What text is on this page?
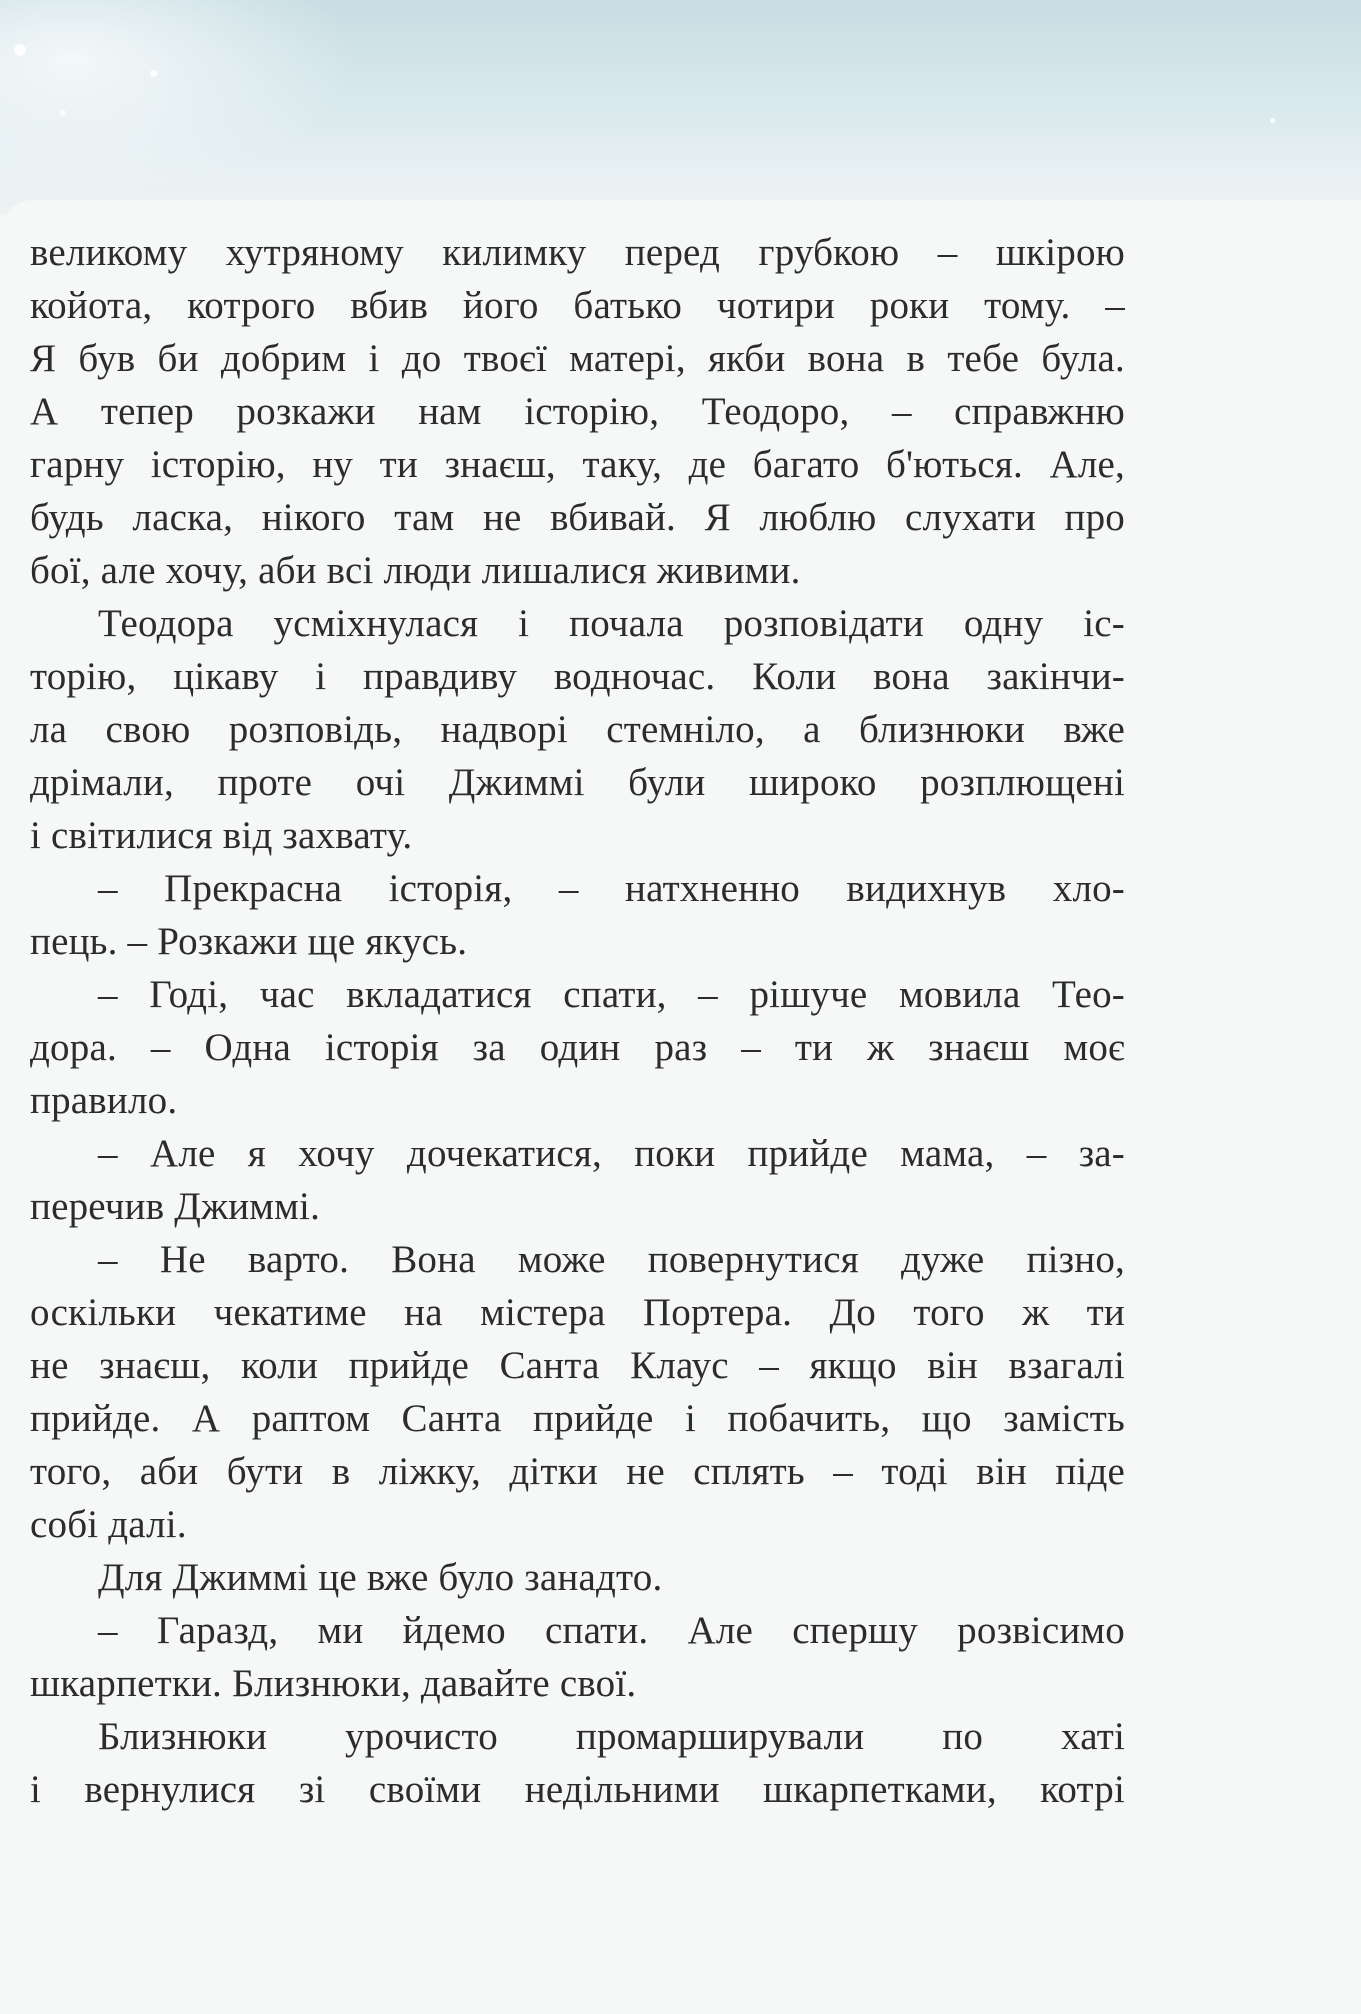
великому хутряному килимку перед грубкою – шкірою
койота, котрого вбив його батько чотири роки тому. –
Я був би добрим і до твоєї матері, якби вона в тебе була.
А тепер розкажи нам історію, Теодоро, – справжню
гарну історію, ну ти знаєш, таку, де багато б'ються. Але,
будь ласка, нікого там не вбивай. Я люблю слухати про
бої, але хочу, аби всі люди лишалися живими.
Теодора усміхнулася і почала розповідати одну іс-
торію, цікаву і правдиву водночас. Коли вона закінчи-
ла свою розповідь, надворі стемніло, а близнюки вже
дрімали, проте очі Джиммі були широко розплющені
і світилися від захвату.
– Прекрасна історія, – натхненно видихнув хло-
пець. – Розкажи ще якусь.
– Годі, час вкладатися спати, – рішуче мовила Тео-
дора. – Одна історія за один раз – ти ж знаєш моє
правило.
– Але я хочу дочекатися, поки прийде мама, – за-
перечив Джиммі.
– Не варто. Вона може повернутися дуже пізно,
оскільки чекатиме на містера Портера. До того ж ти
не знаєш, коли прийде Санта Клаус – якщо він взагалі
прийде. А раптом Санта прийде і побачить, що замість
того, аби бути в ліжку, дітки не сплять – тоді він піде
собі далі.
Для Джиммі це вже було занадто.
– Гаразд, ми йдемо спати. Але спершу розвісимо
шкарпетки. Близнюки, давайте свої.
Близнюки урочисто промарширували по хаті
і вернулися зі своїми недільними шкарпетками, котрі
